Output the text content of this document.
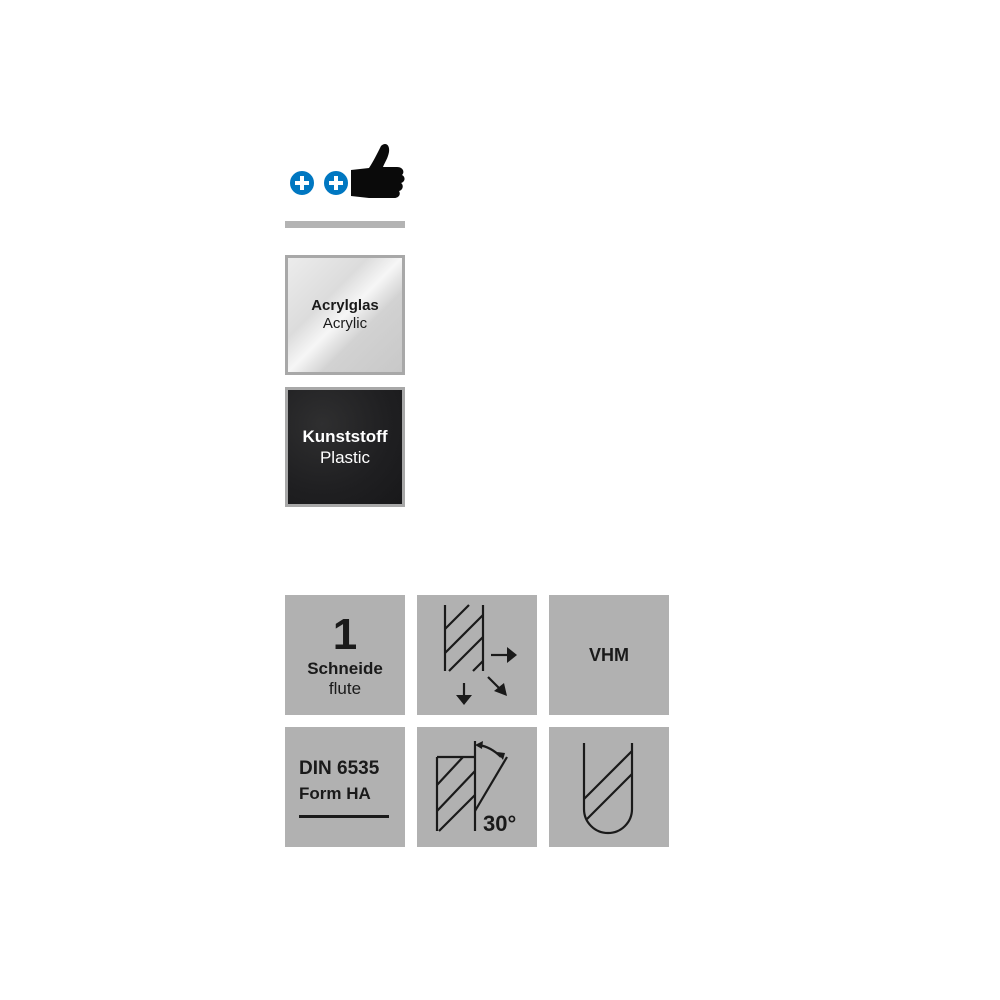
Acrylglas
Acrylic
Kunststoff
Plastic
1
Schneide
flute
VHM
DIN 6535
Form HA
30°
